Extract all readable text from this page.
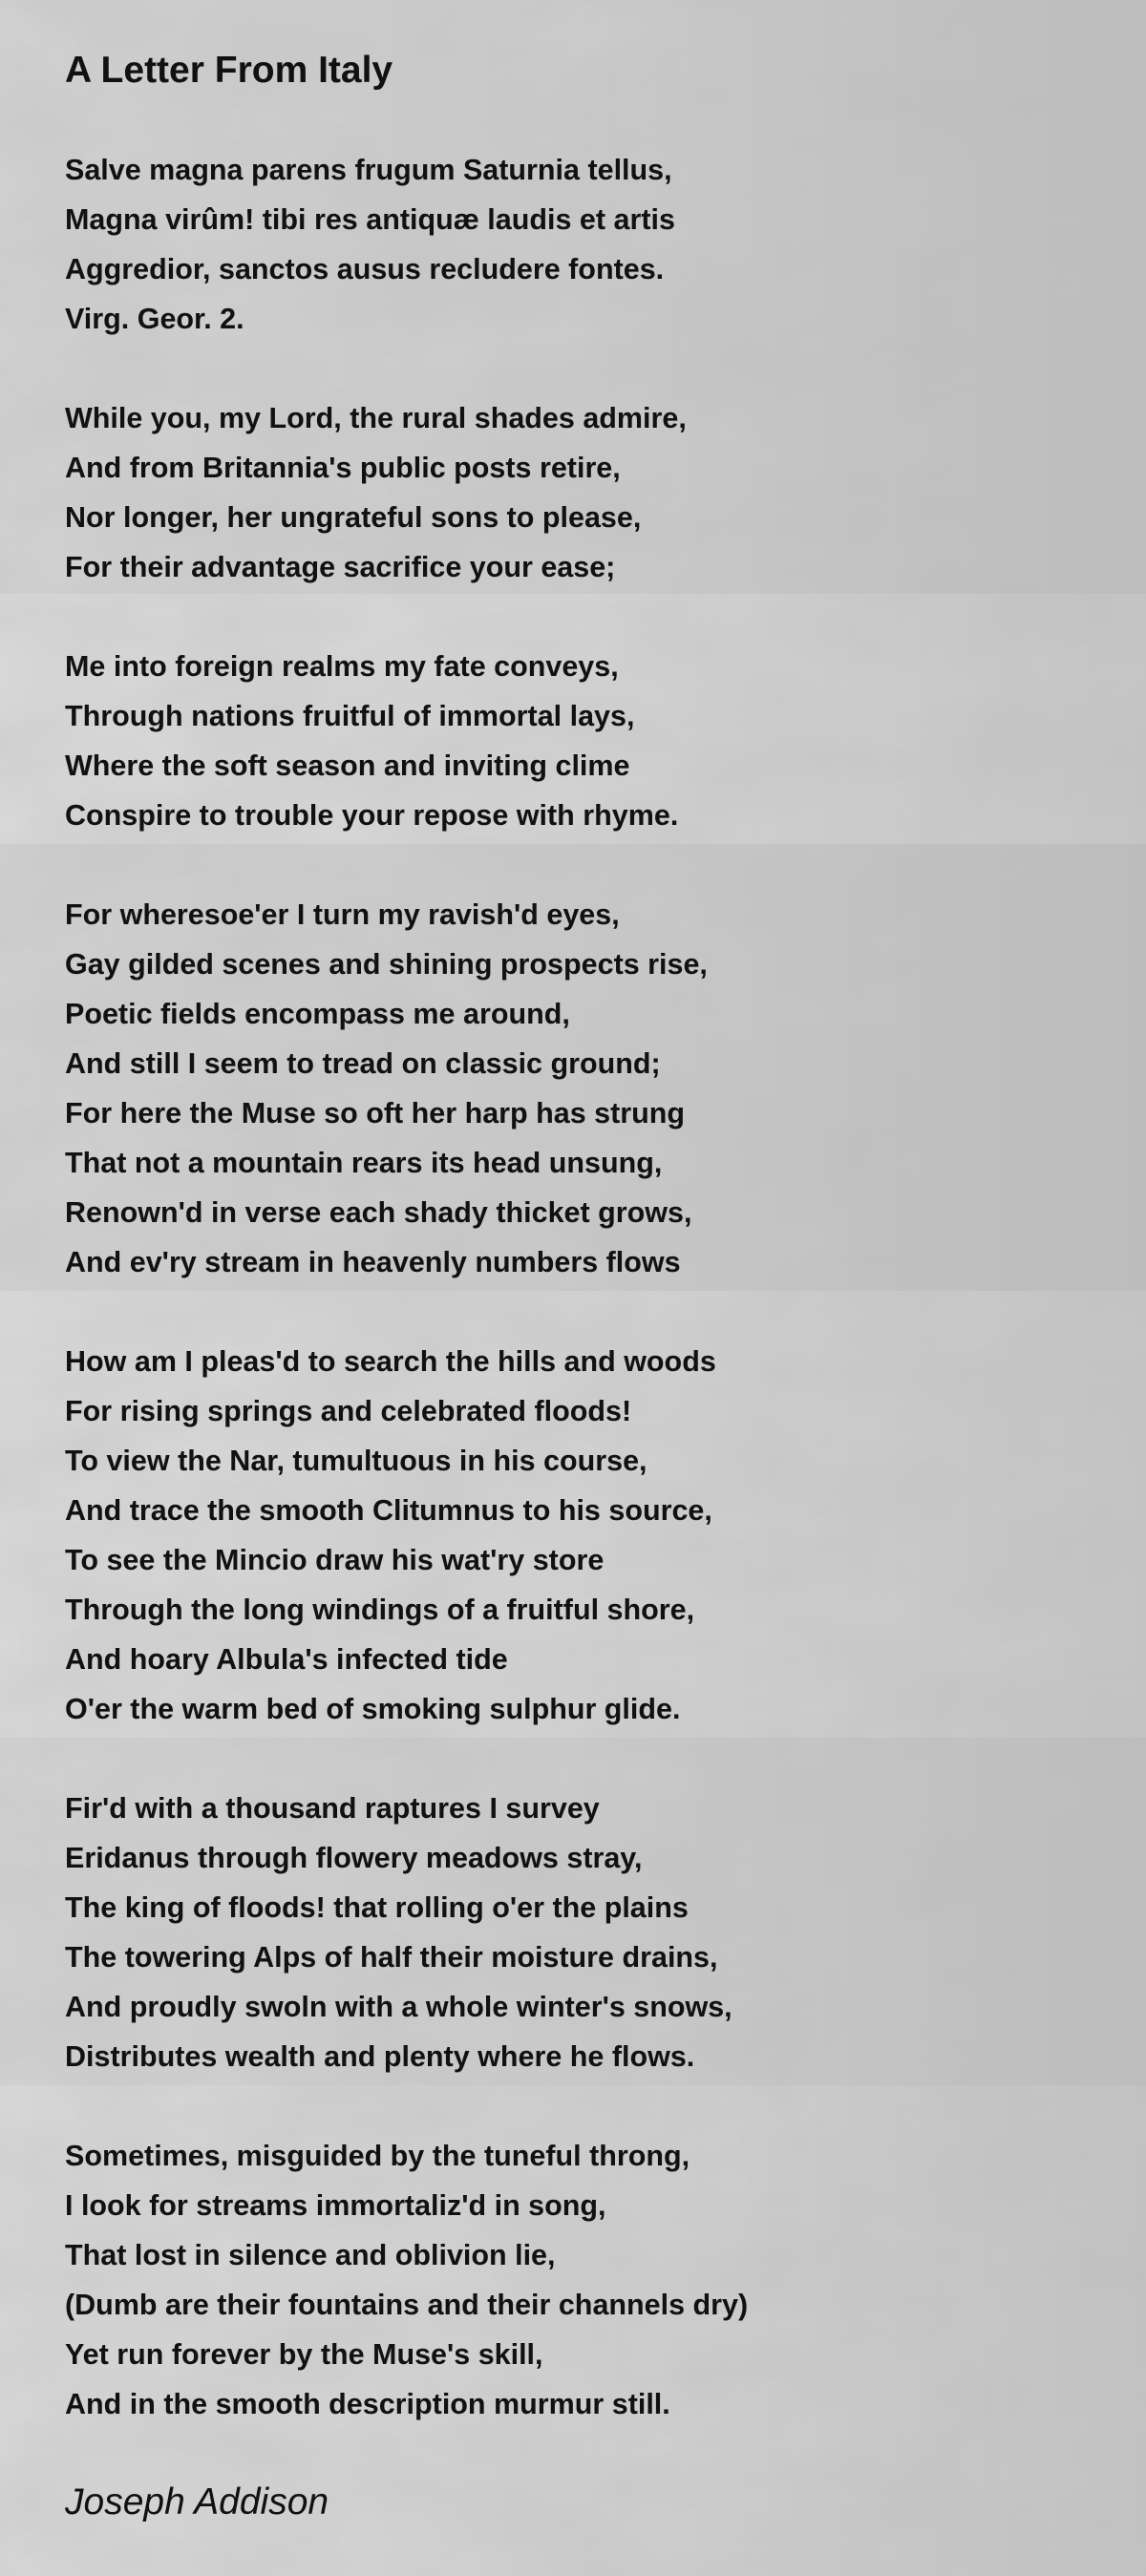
A Letter From Italy
Salve magna parens frugum Saturnia tellus,
Magna virûm! tibi res antiquæ laudis et artis
Aggredior, sanctos ausus recludere fontes.
Virg. Geor. 2.
While you, my Lord, the rural shades admire,
And from Britannia's public posts retire,
Nor longer, her ungrateful sons to please,
For their advantage sacrifice your ease;
Me into foreign realms my fate conveys,
Through nations fruitful of immortal lays,
Where the soft season and inviting clime
Conspire to trouble your repose with rhyme.
For wheresoe'er I turn my ravish'd eyes,
Gay gilded scenes and shining prospects rise,
Poetic fields encompass me around,
And still I seem to tread on classic ground;
For here the Muse so oft her harp has strung
That not a mountain rears its head unsung,
Renown'd in verse each shady thicket grows,
And ev'ry stream in heavenly numbers flows
How am I pleas'd to search the hills and woods
For rising springs and celebrated floods!
To view the Nar, tumultuous in his course,
And trace the smooth Clitumnus to his source,
To see the Mincio draw his wat'ry store
Through the long windings of a fruitful shore,
And hoary Albula's infected tide
O'er the warm bed of smoking sulphur glide.
Fir'd with a thousand raptures I survey
Eridanus through flowery meadows stray,
The king of floods! that rolling o'er the plains
The towering Alps of half their moisture drains,
And proudly swoln with a whole winter's snows,
Distributes wealth and plenty where he flows.
Sometimes, misguided by the tuneful throng,
I look for streams immortaliz'd in song,
That lost in silence and oblivion lie,
(Dumb are their fountains and their channels dry)
Yet run forever by the Muse's skill,
And in the smooth description murmur still.

Joseph Addison
